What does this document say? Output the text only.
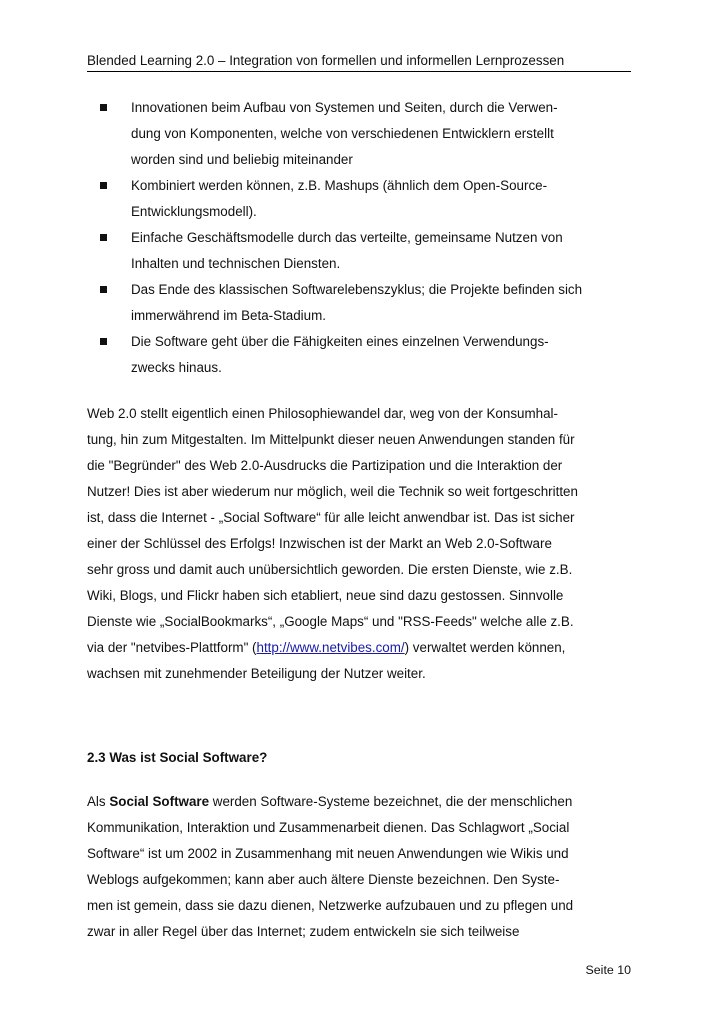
Blended Learning 2.0 – Integration von formellen und informellen Lernprozessen
Innovationen beim Aufbau von Systemen und Seiten, durch die Verwen-
dung von Komponenten, welche von verschiedenen Entwicklern erstellt
worden sind und beliebig miteinander
Kombiniert werden können, z.B. Mashups (ähnlich dem Open-Source-
Entwicklungsmodell).
Einfache Geschäftsmodelle durch das verteilte, gemeinsame Nutzen von
Inhalten und technischen Diensten.
Das Ende des klassischen Softwarelebenszyklus; die Projekte befinden sich
immerwährend im Beta-Stadium.
Die Software geht über die Fähigkeiten eines einzelnen Verwendungs-
zwecks hinaus.
Web 2.0 stellt eigentlich einen Philosophiewandel dar, weg von der Konsumhal-
tung, hin zum Mitgestalten. Im Mittelpunkt dieser neuen Anwendungen standen für
die "Begründer" des Web 2.0-Ausdrucks die Partizipation und die Interaktion der
Nutzer! Dies ist aber wiederum nur möglich, weil die Technik so weit fortgeschritten
ist, dass die Internet - „Social Software“ für alle leicht anwendbar ist. Das ist sicher
einer der Schlüssel des Erfolgs! Inzwischen ist der Markt an Web 2.0-Software
sehr gross und damit auch unübersichtlich geworden. Die ersten Dienste, wie z.B.
Wiki, Blogs, und Flickr haben sich etabliert, neue sind dazu gestossen. Sinnvolle
Dienste wie „SocialBookmarks“, „Google Maps“ und "RSS-Feeds" welche alle z.B.
via der "netvibes-Plattform" (http://www.netvibes.com/) verwaltet werden können,
wachsen mit zunehmender Beteiligung der Nutzer weiter.
2.3 Was ist Social Software?
Als Social Software werden Software-Systeme bezeichnet, die der menschlichen
Kommunikation, Interaktion und Zusammenarbeit dienen. Das Schlagwort „Social
Software“ ist um 2002 in Zusammenhang mit neuen Anwendungen wie Wikis und
Weblogs aufgekommen; kann aber auch ältere Dienste bezeichnen. Den Syste-
men ist gemein, dass sie dazu dienen, Netzwerke aufzubauen und zu pflegen und
zwar in aller Regel über das Internet; zudem entwickeln sie sich teilweise
Seite 10
